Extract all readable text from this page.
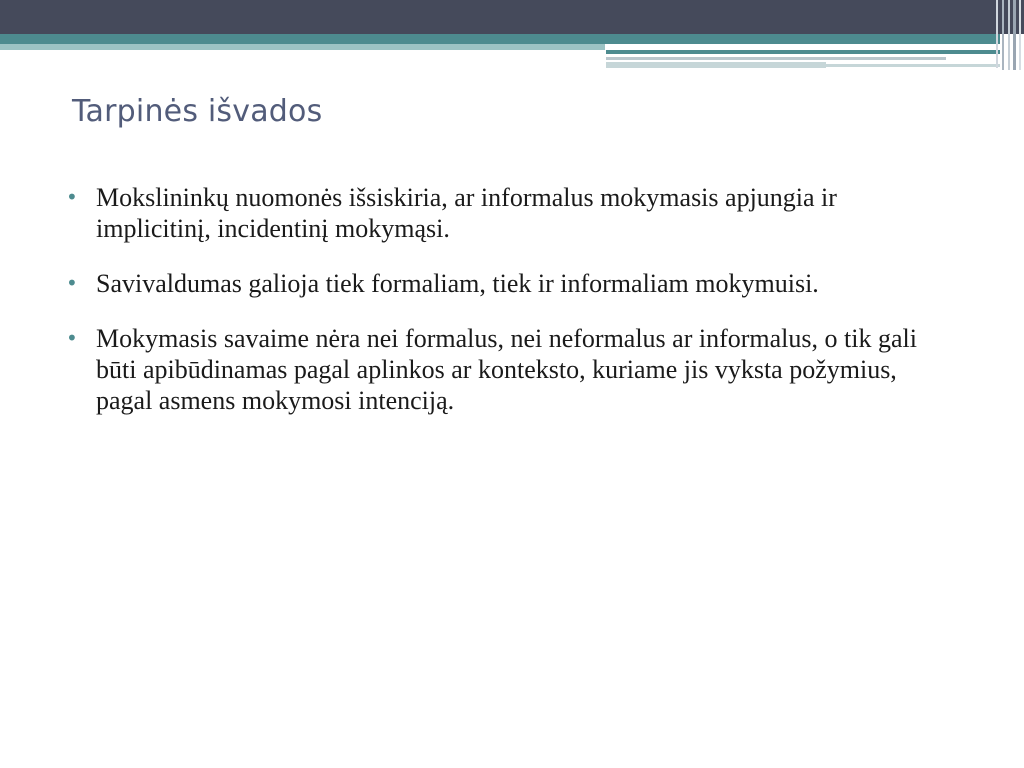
Tarpinės išvados
• Mokslininkų nuomonės išsiskiria, ar informalus mokymasis apjungia ir implicitinį, incidentinį mokymąsi.
• Savivaldumas galioja tiek formaliam, tiek ir informaliam mokymuisi.
• Mokymasis savaime nėra nei formalus, nei neformalus ar informalus, o tik gali būti apibūdinamas pagal aplinkos ar konteksto, kuriame jis vyksta požymius, pagal asmens mokymosi intenciją.
